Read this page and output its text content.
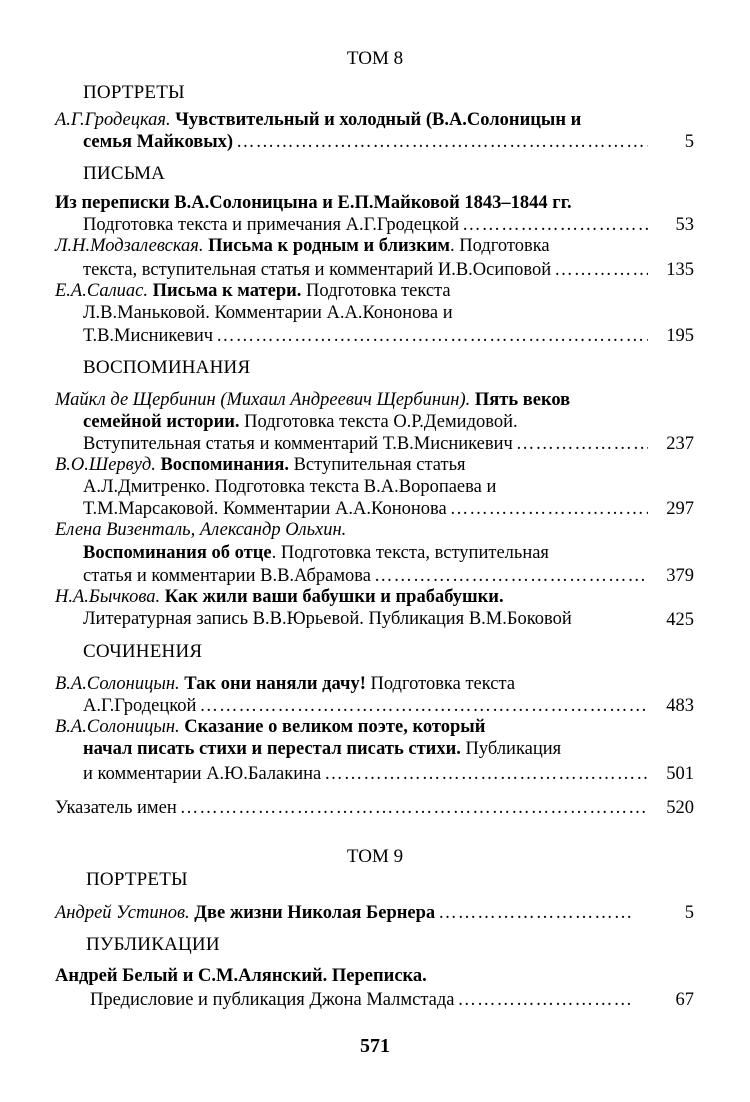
ТОМ 8
ПОРТРЕТЫ
А.Г.Гродецкая. Чувствительный и холодный (В.А.Солоницын и
семья Майковых) ……………………………………………………………………………………………………………………………………………………	5
ПИСЬМА
Из переписки В.А.Солоницына и Е.П.Майковой 1843–1844 гг.
Подготовка текста и примечания А.Г.Гродецкой ……………………………………………………………………………………………………………………………………………………	53
Л.Н.Модзалевская. Письма к родным и близким. Подготовка
текста, вступительная статья и комментарий И.В.Осиповой ……………………………………………………………………………………………………………………………………………………	135
Е.А.Салиас. Письма к матери. Подготовка текста
Л.В.Маньковой. Комментарии А.А.Кононова и
Т.В.Мисникевич ……………………………………………………………………………………………………………………………………………………	195
ВОСПОМИНАНИЯ
Майкл де Щербинин (Михаил Андреевич Щербинин). Пять веков
семейной истории. Подготовка текста О.Р.Демидовой.
Вступительная статья и комментарий Т.В.Мисникевич ……………………………………………………………………………………………………………………………………………………	237
В.О.Шервуд. Воспоминания. Вступительная статья
А.Л.Дмитренко. Подготовка текста В.А.Воропаева и
Т.М.Марсаковой. Комментарии А.А.Кононова ……………………………………………………………………………………………………………………………………………………	297
Елена Визенталь, Александр Ольхин.
Воспоминания об отце. Подготовка текста, вступительная
статья и комментарии В.В.Абрамова ……………………………………………………………………………………………………………………………………………………	379
Н.А.Бычкова. Как жили ваши бабушки и прабабушки.
Литературная запись В.В.Юрьевой. Публикация В.М.Боковой	425
СОЧИНЕНИЯ
В.А.Солоницын. Так они наняли дачу! Подготовка текста
А.Г.Гродецкой ……………………………………………………………………………………………………………………………………………………	483
В.А.Солоницын. Сказание о великом поэте, который
начал писать стихи и перестал писать стихи. Публикация
и комментарии А.Ю.Балакина ……………………………………………………………………………………………………………………………………………………	501
Указатель имен ……………………………………………………………………………………………………………………………………………………	520
ТОМ 9
ПОРТРЕТЫ
Андрей Устинов. Две жизни Николая Бернера ……………………………………………………………………………………………………………………………………………………	5
ПУБЛИКАЦИИ
Андрей Белый и С.М.Алянский. Переписка.
Предисловие и публикация Джона Малмстада ……………………………………………………………………………………………………………………………………………………	67
571
